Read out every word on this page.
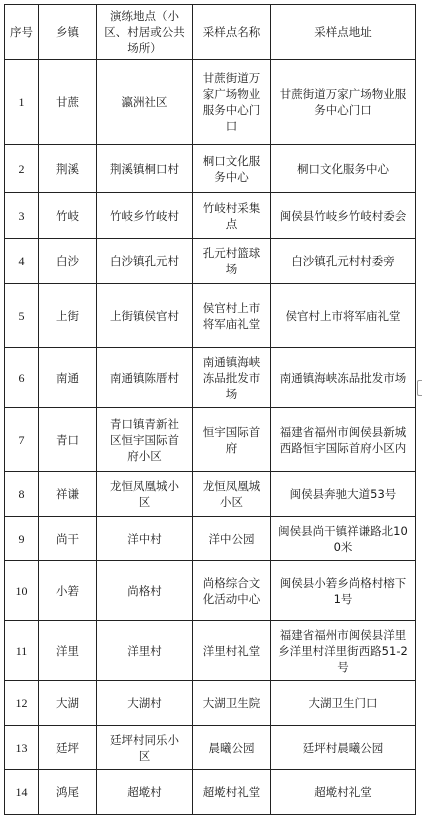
序号	乡镇	演练地点（小区、村居或公共场所）	采样点名称	采样点地址
1	甘蔗	瀛洲社区	甘蔗街道万家广场物业服务中心门口	甘蔗街道万家广场物业服务中心门口
2	荆溪	荆溪镇桐口村	桐口文化服务中心	桐口文化服务中心
3	竹岐	竹岐乡竹岐村	竹岐村采集点	闽侯县竹岐乡竹岐村委会
4	白沙	白沙镇孔元村	孔元村篮球场	白沙镇孔元村村委旁
5	上街	上街镇侯官村	侯官村上市将军庙礼堂	侯官村上市将军庙礼堂
6	南通	南通镇陈厝村	南通镇海峡冻品批发市场	南通镇海峡冻品批发市场
7	青口	青口镇青新社区恒宇国际首府小区	恒宇国际首府	福建省福州市闽侯县新城西路恒宇国际首府小区内
8	祥谦	龙恒凤凰城小区	龙恒凤凰城小区	闽侯县奔驰大道53号
9	尚干	洋中村	洋中公园	闽侯县尚干镇祥谦路北100米
10	小箬	尚格村	尚格综合文化活动中心	闽侯县小箬乡尚格村榕下1号
11	洋里	洋里村	洋里村礼堂	福建省福州市闽侯县洋里乡洋里村洋里街西路51-2号
12	大湖	大湖村	大湖卫生院	大湖卫生门口
13	廷坪	廷坪村同乐小区	晨曦公园	廷坪村晨曦公园
14	鸿尾	超墘村	超墘村礼堂	超墘村礼堂
